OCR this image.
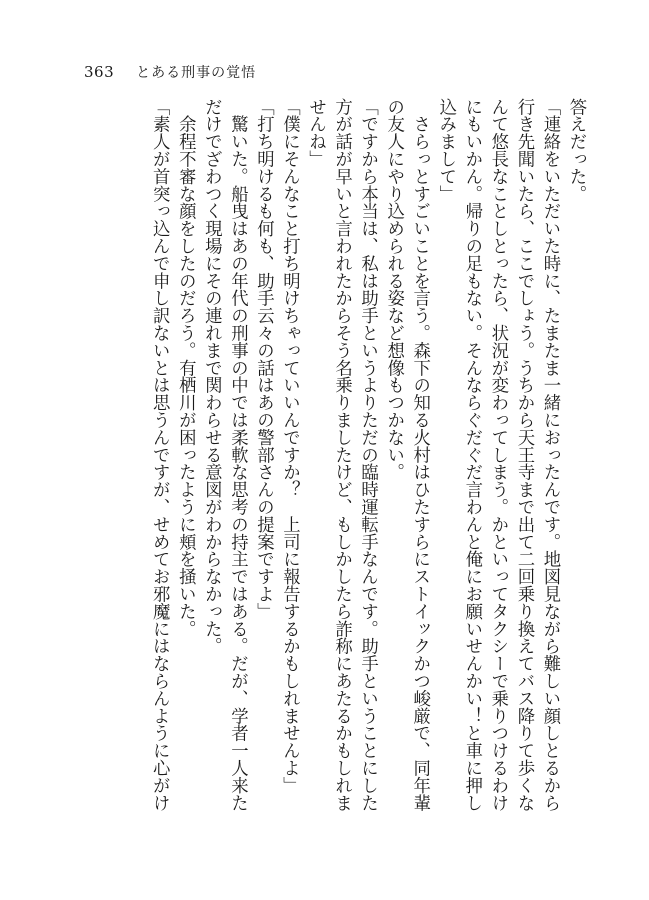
363 とある刑事の覚悟
答えだった。
「連絡をいただいた時に、たまたま一緒におったんです。地図見ながら難しい顔しとるから
行き先聞いたら、ここでしょう。うちから天王寺まで出て二回乗り換えてバス降りて歩くな
んて悠長なことしとったら、状況が変わってしまう。かといってタクシーで乗りつけるわけ
にもいかん。帰りの足もない。そんならぐだぐだ言わんと俺にお願いせんかい！と車に押し
込みまして」
　さらっとすごいことを言う。森下の知る火村はひたすらにストイックかつ峻厳で、同年輩
の友人にやり込められる姿など想像もつかない。
「ですから本当は、私は助手というよりただの臨時運転手なんです。助手ということにした
方が話が早いと言われたからそう名乗りましたけど、もしかしたら詐称にあたるかもしれま
せんね」
「僕にそんなこと打ち明けちゃっていいんですか？　上司に報告するかもしれませんよ」
「打ち明けるも何も、助手云々の話はあの警部さんの提案ですよ」
　驚いた。船曳はあの年代の刑事の中では柔軟な思考の持主ではある。だが、学者一人来た
だけでざわつく現場にその連れまで関わらせる意図がわからなかった。
　余程不審な顔をしたのだろう。有栖川が困ったように頬を掻いた。
「素人が首突っ込んで申し訳ないとは思うんですが、せめてお邪魔にはならんように心がけ
